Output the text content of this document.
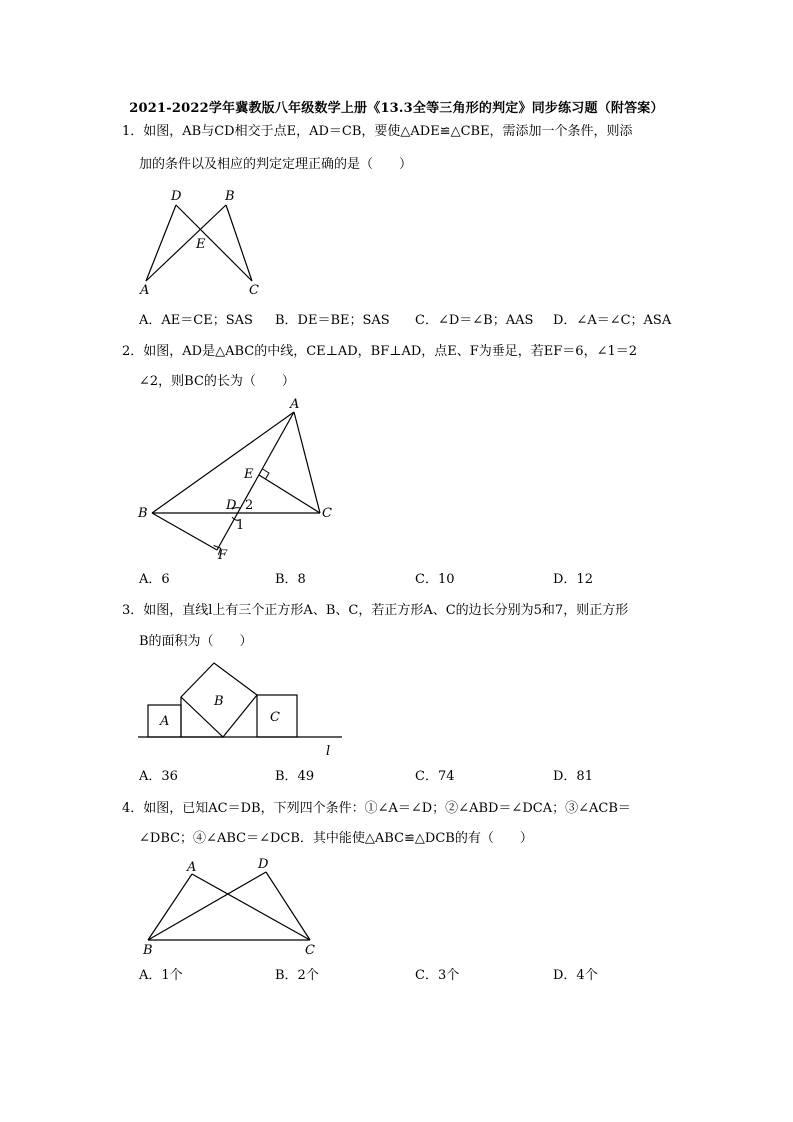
2021-2022学年冀教版八年级数学上册《13.3全等三角形的判定》同步练习题（附答案）
1．如图，AB与CD相交于点E，AD＝CB，要使△ADE≌△CBE，需添加一个条件，则添
加的条件以及相应的判定定理正确的是（　　）
D	B
E
A	C
A．AE＝CE；SAS B．DE＝BE；SAS C．∠D＝∠B；AAS D．∠A＝∠C；ASA
2．如图，AD是△ABC的中线，CE⊥AD，BF⊥AD，点E、F为垂足，若EF＝6，∠1＝2
∠2，则BC的长为（　　）
A
E
D 2
B	C
1
F
A．6	B．8	C．10	D．12
3．如图，直线l上有三个正方形A、B、C，若正方形A、C的边长分别为5和7，则正方形
B的面积为（　　）
A
B
C
l
A．36	B．49	C．74	D．81
4．如图，已知AC＝DB，下列四个条件：①∠A＝∠D；②∠ABD＝∠DCA；③∠ACB＝
∠DBC；④∠ABC＝∠DCB．其中能使△ABC≌△DCB的有（　　）
A	D
B	C
A．1个	B．2个	C．3个	D．4个
